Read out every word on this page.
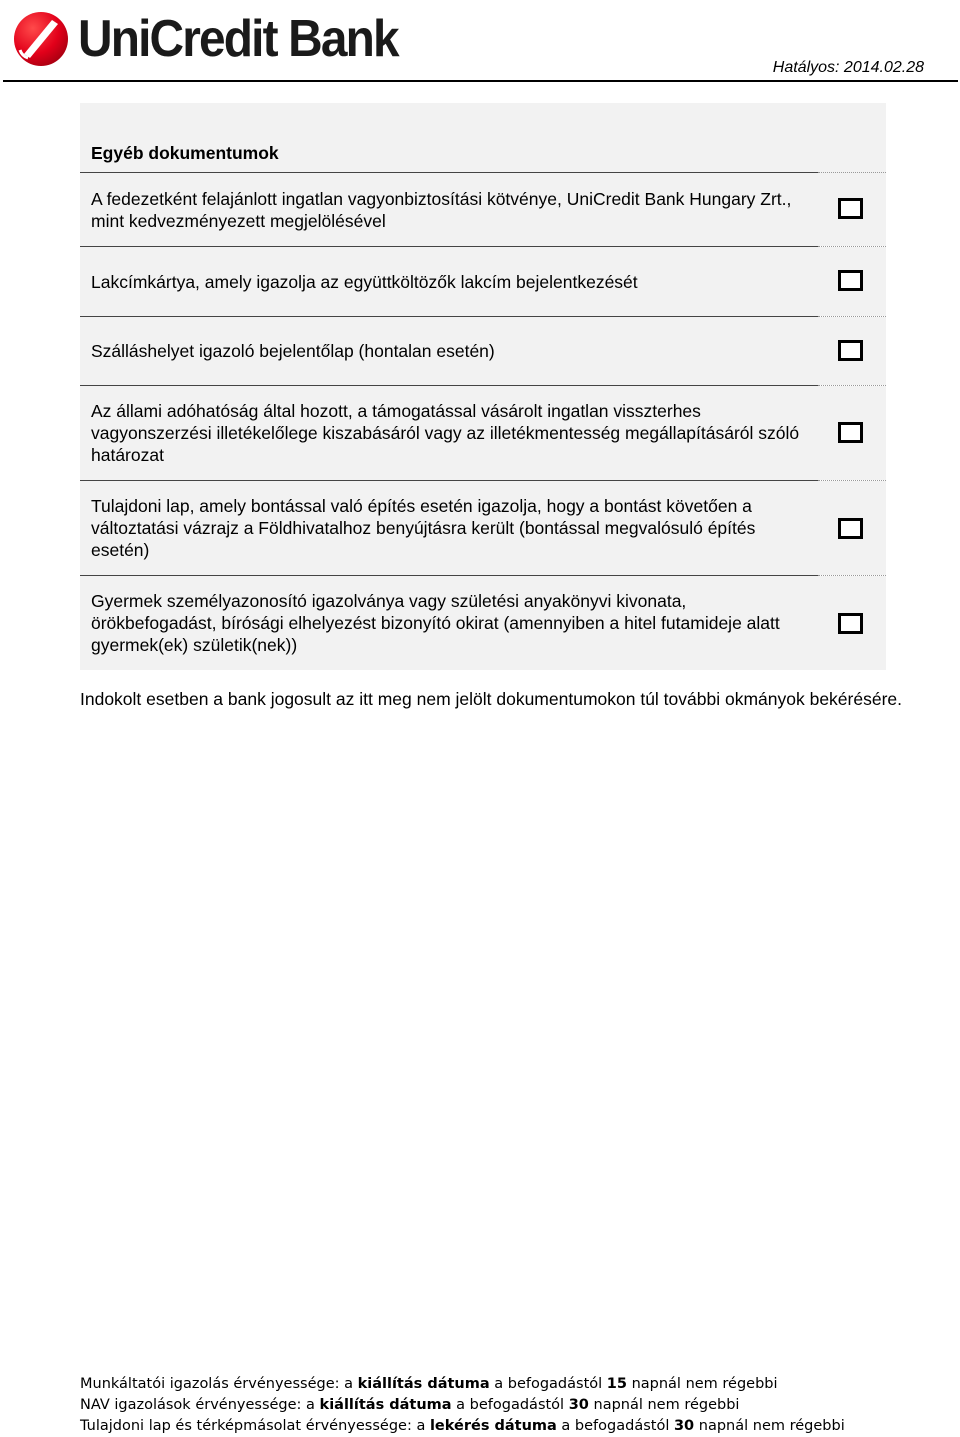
UniCredit Bank	Hatályos: 2014.02.28
Egyéb dokumentumok
A fedezetként felajánlott ingatlan vagyonbiztosítási kötvénye, UniCredit Bank Hungary Zrt., mint kedvezményezett megjelölésével
Lakcímkártya, amely igazolja az együttköltözők lakcím bejelentkezését
Szálláshelyet igazoló bejelentőlap (hontalan esetén)
Az állami adóhatóság által hozott, a támogatással vásárolt ingatlan visszterhes vagyonszerzési illetékelőlege kiszabásáról vagy az illetékmentesség megállapításáról szóló határozat
Tulajdoni lap, amely bontással való építés esetén igazolja, hogy a bontást követően a változtatási vázrajz a Földhivatalhoz benyújtásra került (bontással megvalósuló építés esetén)
Gyermek személyazonosító igazolványa vagy születési anyakönyvi kivonata, örökbefogadást, bírósági elhelyezést bizonyító okirat (amennyiben a hitel futamideje alatt gyermek(ek) születik(nek))
Indokolt esetben a bank jogosult az itt meg nem jelölt dokumentumokon túl további okmányok bekérésére.
Munkáltatói igazolás érvényessége: a kiállítás dátuma a befogadástól 15 napnál nem régebbi
NAV igazolások érvényessége: a kiállítás dátuma a befogadástól 30 napnál nem régebbi
Tulajdoni lap és térképmásolat érvényessége: a lekérés dátuma a befogadástól 30 napnál nem régebbi
